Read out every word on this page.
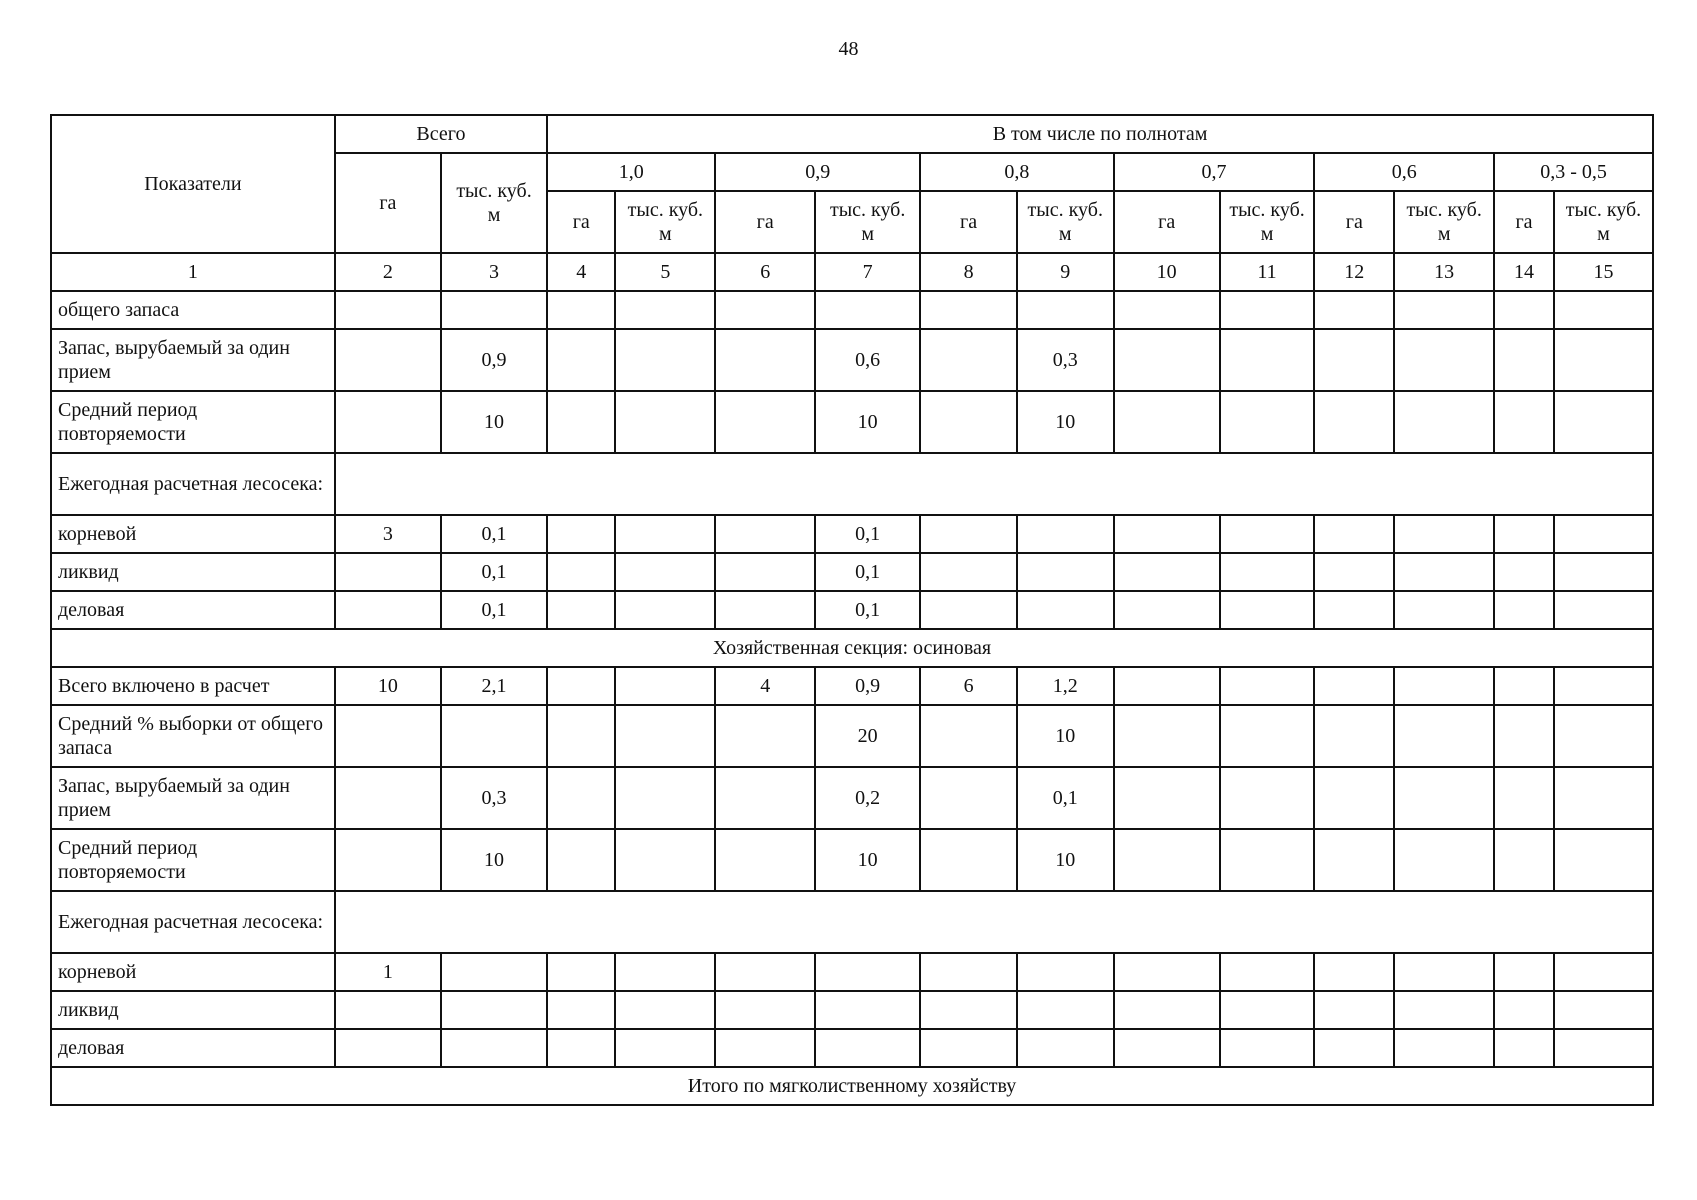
48
Показатели	Всего		В том числе по полнотам											
	га	тыс. куб. м	1,0		0,9		0,8		0,7		0,6		0,3 - 0,5	
			га	тыс. куб. м	га	тыс. куб. м	га	тыс. куб. м	га	тыс. куб. м	га	тыс. куб. м	га	тыс. куб. м
1	2	3	4	5	6	7	8	9	10	11	12	13	14	15
общего запаса														
Запас, вырубаемый за один прием		0,9				0,6		0,3						
Средний период повторяемости		10				10		10						
Ежегодная расчетная лесосека:														
корневой	3	0,1				0,1								
ликвид		0,1				0,1								
деловая		0,1				0,1								
Хозяйственная секция: осиновая														
Всего включено в расчет	10	2,1			4	0,9	6	1,2						
Средний % выборки от общего запаса						20		10						
Запас, вырубаемый за один прием		0,3				0,2		0,1						
Средний период повторяемости		10				10		10						
Ежегодная расчетная лесосека:														
корневой	1													
ликвид														
деловая														
Итого по мягколиственному хозяйству														
